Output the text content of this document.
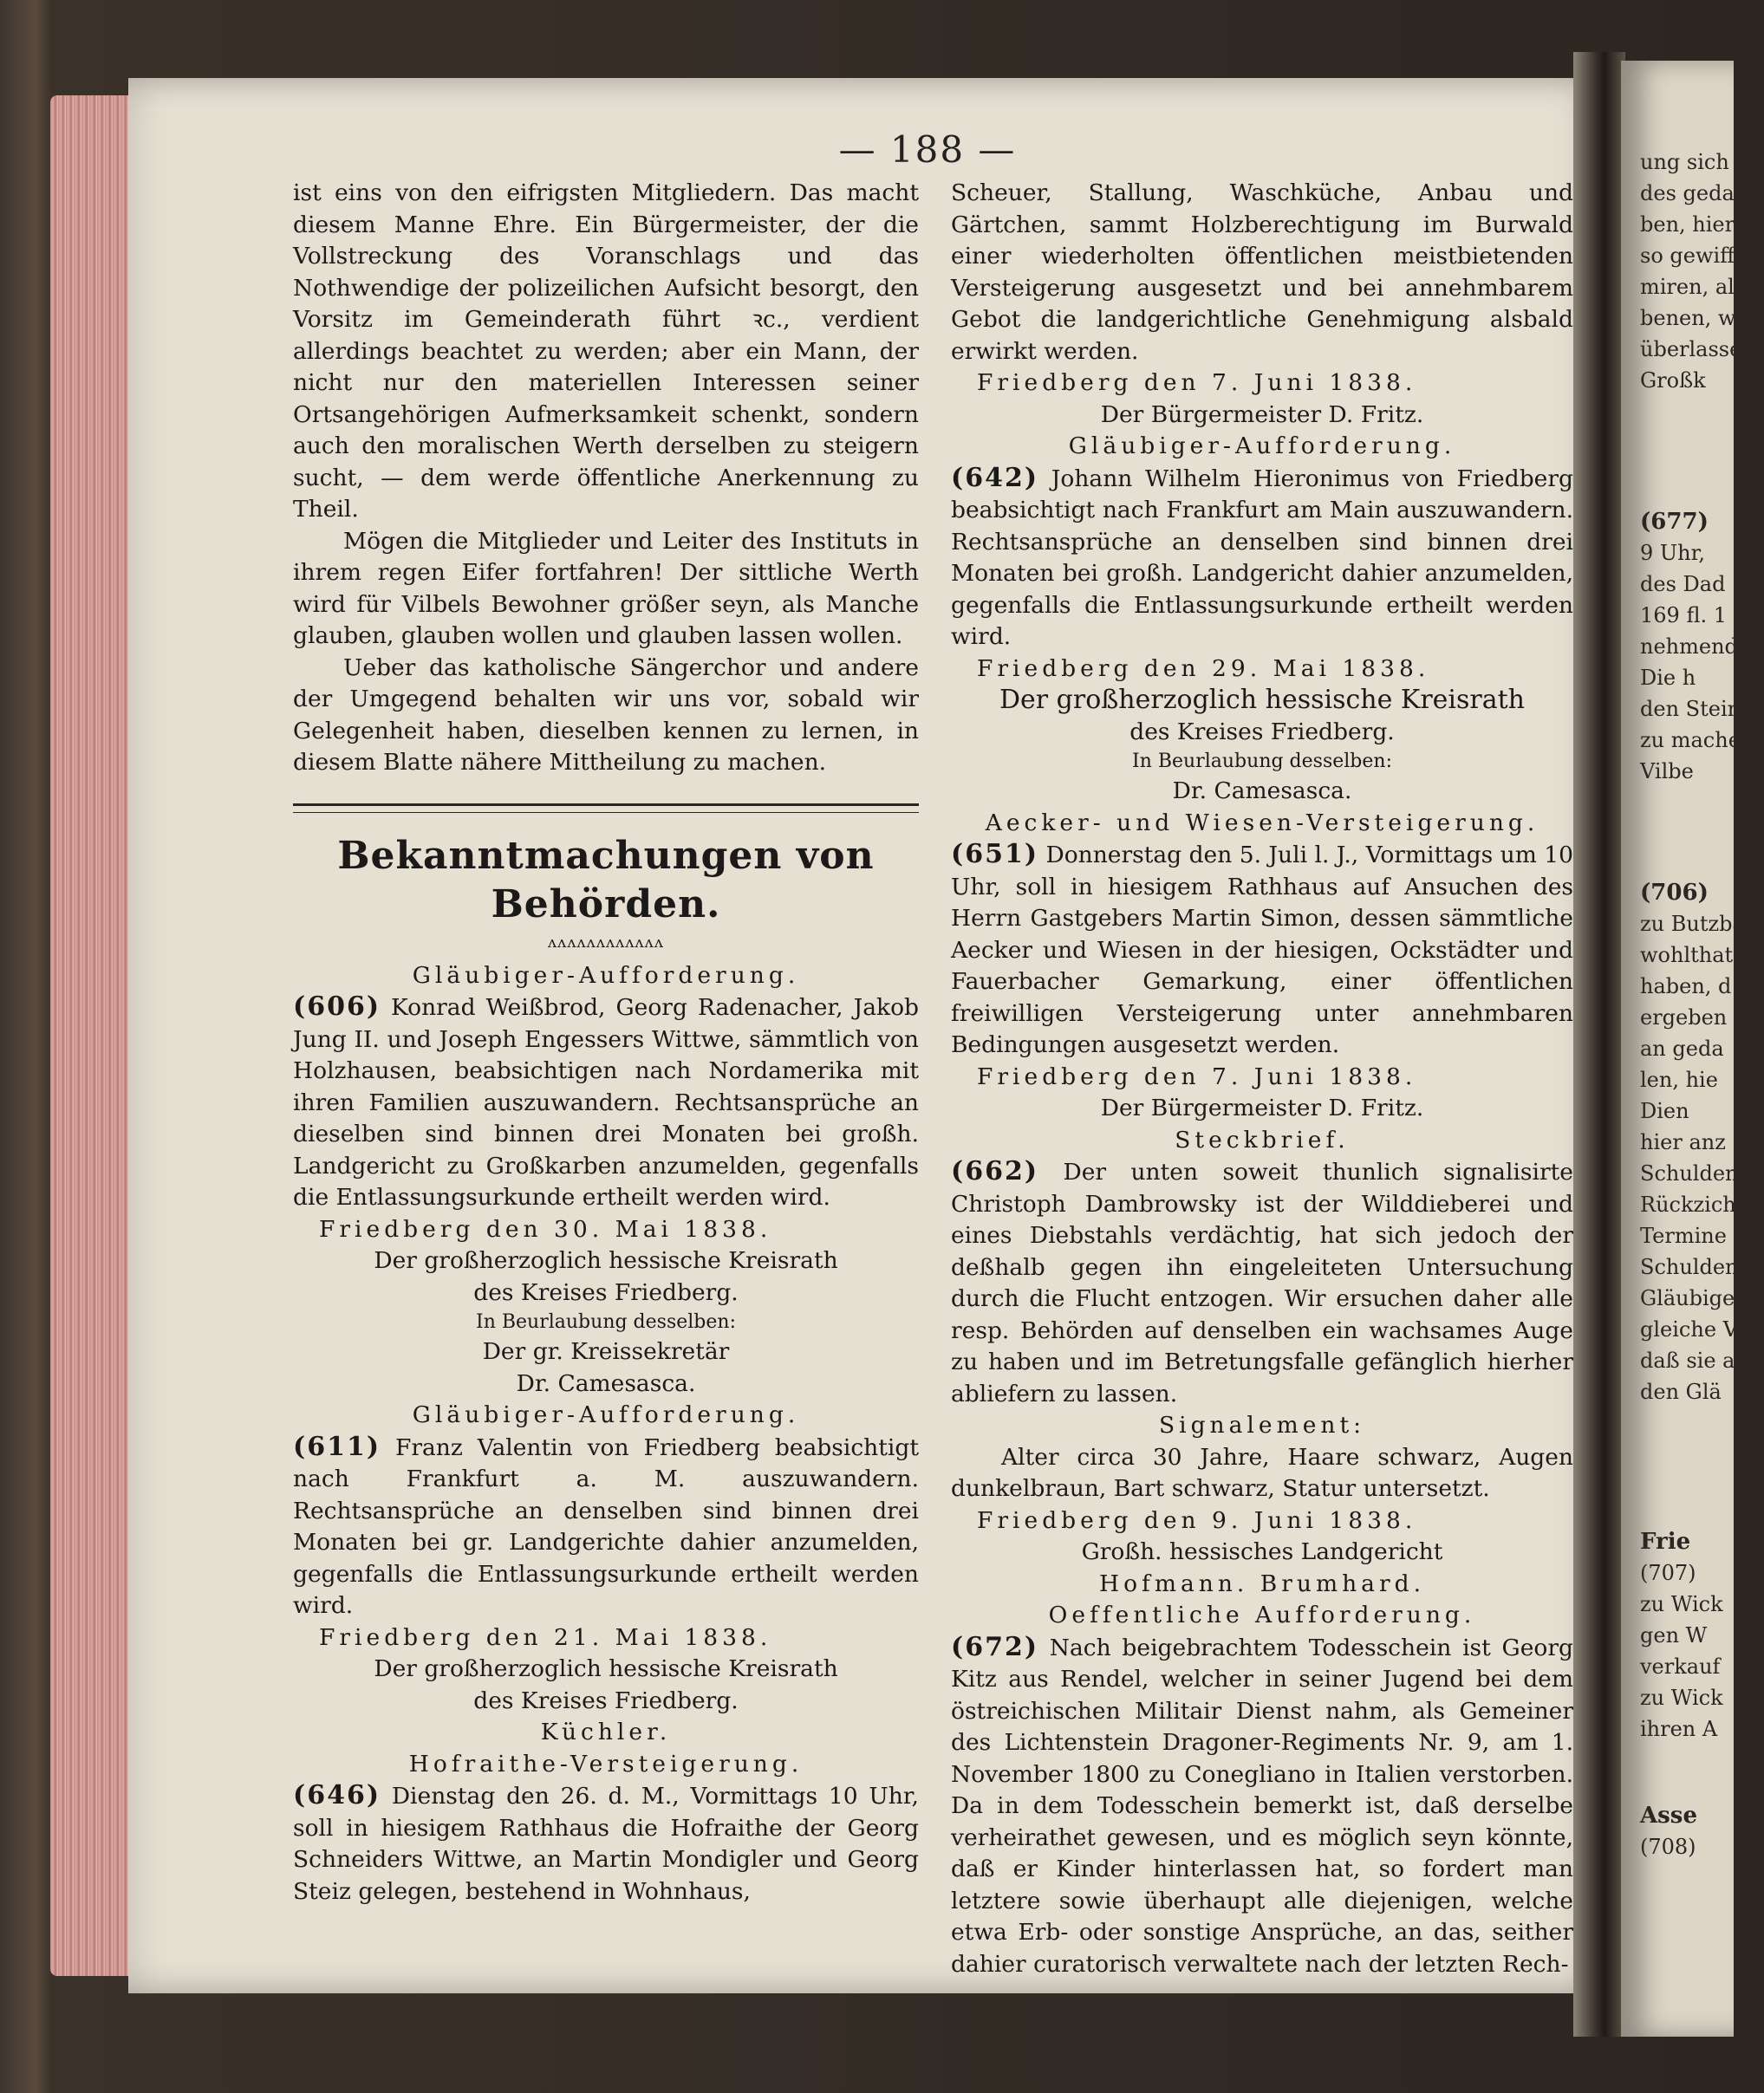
— 188 —

ist eins von den eifrigsten Mitgliedern. Das macht diesem Manne Ehre. Ein Bürgermeister, der die Vollstreckung des Voranschlags und das Nothwendige der polizeilichen Aufsicht besorgt, den Vorsitz im Gemeinderath führt ꝛc., verdient allerdings beachtet zu werden; aber ein Mann, der nicht nur den materiellen Interessen seiner Ortsangehörigen Aufmerksamkeit schenkt, sondern auch den moralischen Werth derselben zu steigern sucht, — dem werde öffentliche Anerkennung zu Theil.

Mögen die Mitglieder und Leiter des Instituts in ihrem regen Eifer fortfahren! Der sittliche Werth wird für Vilbels Bewohner größer seyn, als Manche glauben, glauben wollen und glauben lassen wollen.

Ueber das katholische Sängerchor und andere der Umgegend behalten wir uns vor, sobald wir Gelegenheit haben, dieselben kennen zu lernen, in diesem Blatte nähere Mittheilung zu machen.

Bekanntmachungen von Behörden.
ᴧᴧᴧᴧᴧᴧᴧᴧᴧᴧᴧᴧ

Gläubiger-Aufforderung.

(606) Konrad Weißbrod, Georg Radenacher, Jakob Jung II. und Joseph Engessers Wittwe, sämmtlich von Holzhausen, beabsichtigen nach Nordamerika mit ihren Familien auszuwandern. Rechtsansprüche an dieselben sind binnen drei Monaten bei großh. Landgericht zu Großkarben anzumelden, gegenfalls die Entlassungsurkunde ertheilt werden wird.

Friedberg den 30. Mai 1838.

Der großherzoglich hessische Kreisrath

des Kreises Friedberg.

In Beurlaubung desselben:

Der gr. Kreissekretär

Dr. Camesasca.

Gläubiger-Aufforderung.

(611) Franz Valentin von Friedberg beabsichtigt nach Frankfurt a. M. auszuwandern. Rechtsansprüche an denselben sind binnen drei Monaten bei gr. Landgerichte dahier anzumelden, gegenfalls die Entlassungsurkunde ertheilt werden wird.

Friedberg den 21. Mai 1838.

Der großherzoglich hessische Kreisrath

des Kreises Friedberg.

Küchler.

Hofraithe-Versteigerung.

(646) Dienstag den 26. d. M., Vormittags 10 Uhr, soll in hiesigem Rathhaus die Hofraithe der Georg Schneiders Wittwe, an Martin Mondigler und Georg Steiz gelegen, bestehend in Wohnhaus,

Scheuer, Stallung, Waschküche, Anbau und Gärtchen, sammt Holzberechtigung im Burwald einer wiederholten öffentlichen meistbietenden Versteigerung ausgesetzt und bei annehmbarem Gebot die landgerichtliche Genehmigung alsbald erwirkt werden.

Friedberg den 7. Juni 1838.

Der Bürgermeister D. Fritz.

Gläubiger-Aufforderung.

(642) Johann Wilhelm Hieronimus von Friedberg beabsichtigt nach Frankfurt am Main auszuwandern. Rechtsansprüche an denselben sind binnen drei Monaten bei großh. Landgericht dahier anzumelden, gegenfalls die Entlassungsurkunde ertheilt werden wird.

Friedberg den 29. Mai 1838.

Der großherzoglich hessische Kreisrath

des Kreises Friedberg.

In Beurlaubung desselben:

Dr. Camesasca.

Aecker- und Wiesen-Versteigerung.

(651) Donnerstag den 5. Juli l. J., Vormittags um 10 Uhr, soll in hiesigem Rathhaus auf Ansuchen des Herrn Gastgebers Martin Simon, dessen sämmtliche Aecker und Wiesen in der hiesigen, Ockstädter und Fauerbacher Gemarkung, einer öffentlichen freiwilligen Versteigerung unter annehmbaren Bedingungen ausgesetzt werden.

Friedberg den 7. Juni 1838.

Der Bürgermeister D. Fritz.

Steckbrief.

(662) Der unten soweit thunlich signalisirte Christoph Dambrowsky ist der Wilddieberei und eines Diebstahls verdächtig, hat sich jedoch der deßhalb gegen ihn eingeleiteten Untersuchung durch die Flucht entzogen. Wir ersuchen daher alle resp. Behörden auf denselben ein wachsames Auge zu haben und im Betretungsfalle gefänglich hierher abliefern zu lassen.

Signalement:

Alter circa 30 Jahre, Haare schwarz, Augen dunkelbraun, Bart schwarz, Statur untersetzt.

Friedberg den 9. Juni 1838.

Großh. hessisches Landgericht

Hofmann. Brumhard.

Oeffentliche Aufforderung.

(672) Nach beigebrachtem Todesschein ist Georg Kitz aus Rendel, welcher in seiner Jugend bei dem östreichischen Militair Dienst nahm, als Gemeiner des Lichtenstein Dragoner-Regiments Nr. 9, am 1. November 1800 zu Conegliano in Italien verstorben. Da in dem Todesschein bemerkt ist, daß derselbe verheirathet gewesen, und es möglich seyn könnte, daß er Kinder hinterlassen hat, so fordert man letztere sowie überhaupt alle diejenigen, welche etwa Erb- oder sonstige Ansprüche, an das, seither dahier curatorisch verwaltete nach der letzten Rech-

ung sich
des gedach
ben, hierm
so gewiffe
miren, al
benen, w
überlassen
Großk
(677)
9 Uhr,
des Dad
169 fl. 1
nehmenden
Die h
den Stein
zu machen
Vilbe
(706)
zu Butzba
wohlthat
haben, d
ergeben
an geda
len, hie
Dien
hier anz
Schulden
Rückzicht
Termine
Schulden
Gläubige
gleiche V
daß sie al
den Glä
Frie
(707)
zu Wick
gen W
verkauf
zu Wick
ihren A
Asse
(708)
